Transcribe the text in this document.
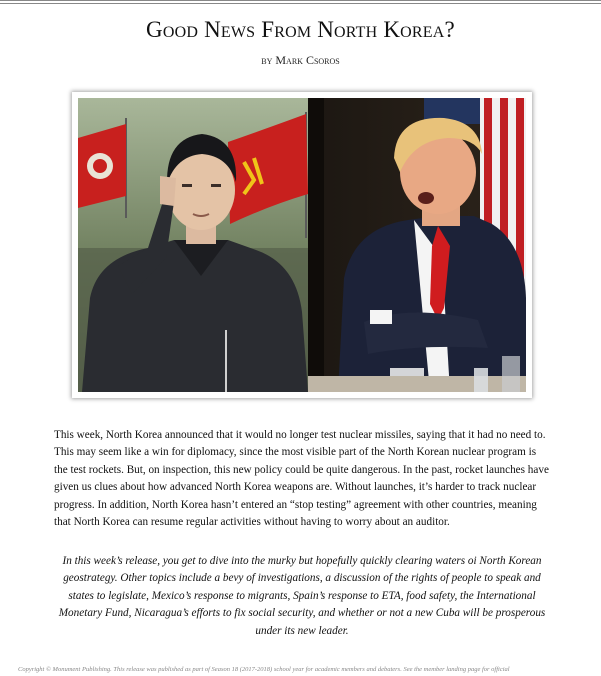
Good News From North Korea?
by Mark Csoros

This week, North Korea announced that it would no longer test nuclear missiles, saying that it had no need to. This may seem like a win for diplomacy, since the most visible part of the North Korean nuclear program is the test rockets. But, on inspection, this new policy could be quite dangerous. In the past, rocket launches have given us clues about how advanced North Korea weapons are. Without launches, it’s harder to track nuclear progress. In addition, North Korea hasn’t entered an “stop testing” agreement with other countries, meaning that North Korea can resume regular activities without having to worry about an auditor.

In this week’s release, you get to dive into the murky but hopefully quickly clearing waters oi North Korean geostrategy. Other topics include a bevy of investigations, a discussion of the rights of people to speak and states to legislate, Mexico’s response to migrants, Spain’s response to ETA, food safety, the International Monetary Fund, Nicaragua’s efforts to fix social security, and whether or not a new Cuba will be prosperous under its new leader.

Copyright © Monument Publishing. This release was published as part of Season 18 (2017-2018) school year for academic members and debaters. See the member landing page for official
